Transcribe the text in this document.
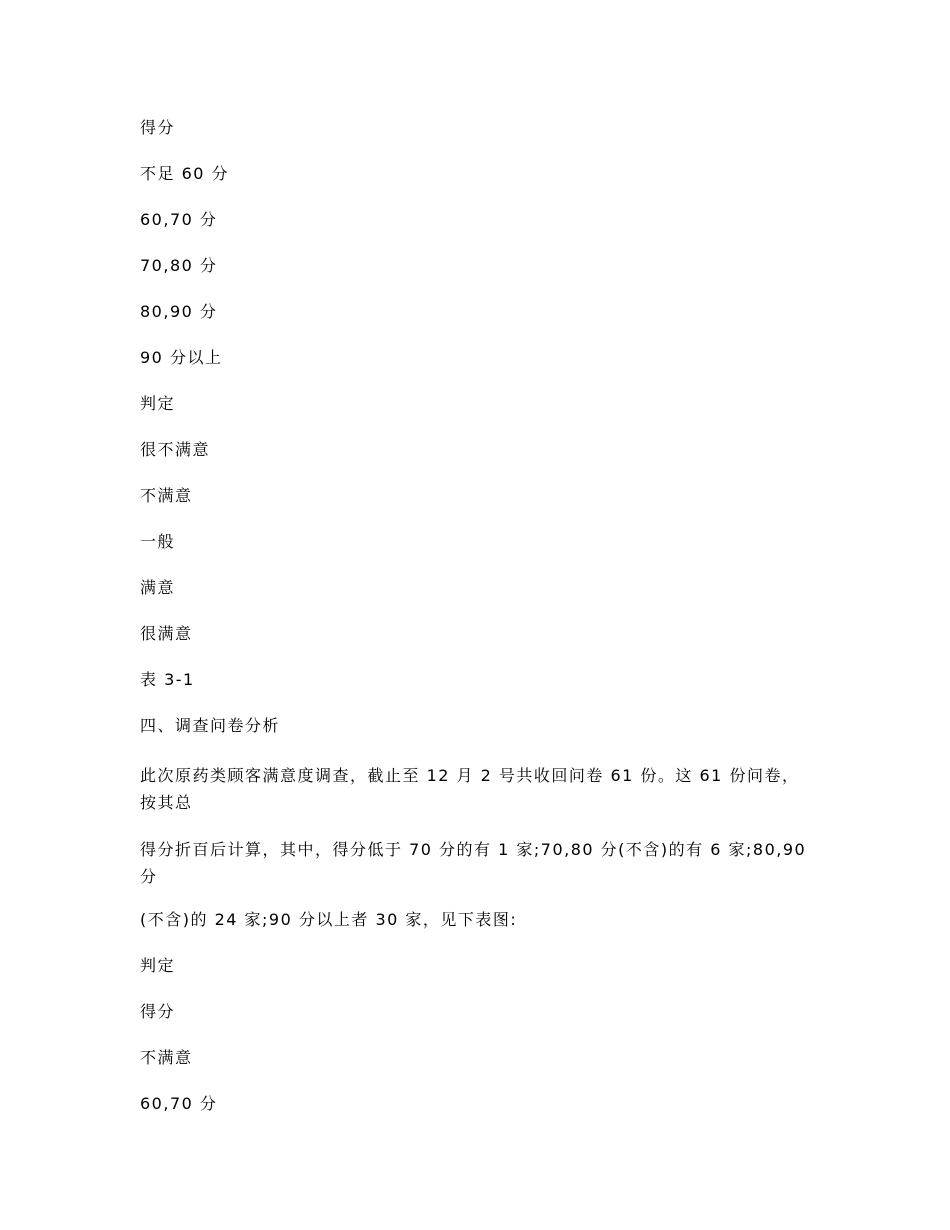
得分

不足 60 分

60,70 分

70,80 分

80,90 分

90 分以上

判定

很不满意

不满意

一般

满意

很满意

表 3-1

四、调查问卷分析

此次原药类顾客满意度调查，截止至 12 月 2 号共收回问卷 61 份。这 61 份问卷，按其总

得分折百后计算，其中，得分低于 70 分的有 1 家;70,80 分(不含)的有 6 家;80,90 分

(不含)的 24 家;90 分以上者 30 家，见下表图:

判定

得分

不满意

60,70 分
